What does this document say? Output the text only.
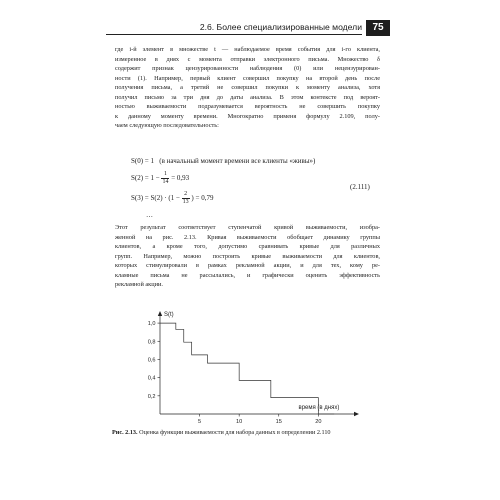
2.6. Более специализированные модели	75
где i-й элемент в множестве t — наблюдаемое время события для i-го клиента,
измеренное в днях с момента отправки электронного письма. Множество δ
содержит признак цензурированности наблюдения (0) или нецензурирован-
ности (1). Например, первый клиент совершил покупку на второй день после
получения письма, а третий не совершил покупки к моменту анализа, хотя
получил письмо за три дня до даты анализа. В этом контексте под вероят-
ностью выживаемости подразумевается вероятность не совершить покупку
к данному моменту времени. Многократно применя формулу 2.109, полу-
чаем следующую последовательность:
S(0) = 1 (в начальный момент времени все клиенты «живы»)
$S(2) = 1 - \frac{1}{14} = 0,93$
$S(3) = S(2) \cdot (1 - \frac{2}{13}$ ) = 0,79
…
(2.111)
Этот результат соответствует ступенчатой кривой выживаемости, изобра-
женной на рис. 2.13. Кривая выживаемости обобщает динамику группы
клиентов, а кроме того, допустимо сравнивать кривые для различных
групп. Например, можно построить кривые выживаемости для клиентов,
которых стимулировали в рамках рекламной акции, и для тех, кому ре-
кламные письма не рассылались, и графически оценить эффективность
рекламной акции.
0,2
0,4
0,6
0,8
1,0
5	10	15	20
S(t)
время (в днях)
Рис. 2.13. Оценка функции выживаемости для набора данных в определении 2.110
